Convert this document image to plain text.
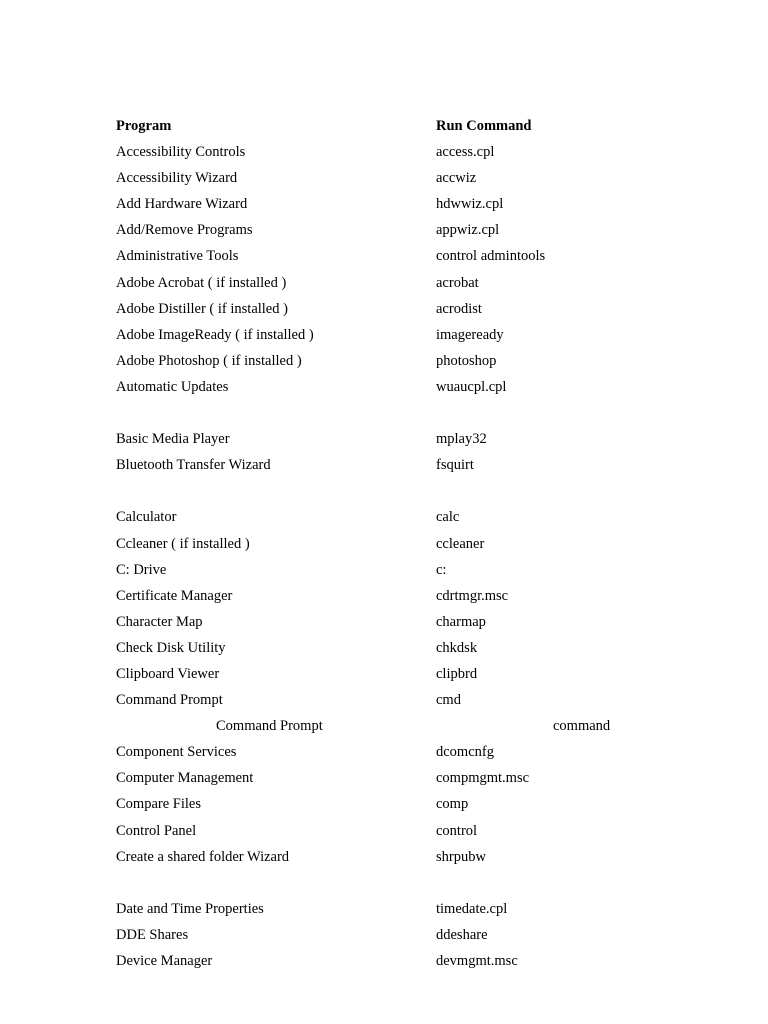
Program	Run Command
Accessibility Controls	access.cpl
Accessibility Wizard	accwiz
Add Hardware Wizard	hdwwiz.cpl
Add/Remove Programs	appwiz.cpl
Administrative Tools	control admintools
Adobe Acrobat ( if installed )	acrobat
Adobe Distiller ( if installed )	acrodist
Adobe ImageReady ( if installed )	imageready
Adobe Photoshop ( if installed )	photoshop
Automatic Updates	wuaucpl.cpl
Basic Media Player	mplay32
Bluetooth Transfer Wizard	fsquirt
Calculator	calc
Ccleaner ( if installed )	ccleaner
C: Drive	c:
Certificate Manager	cdrtmgr.msc
Character Map	charmap
Check Disk Utility	chkdsk
Clipboard Viewer	clipbrd
Command Prompt	cmd
Command Prompt	command
Component Services	dcomcnfg
Computer Management	compmgmt.msc
Compare Files	comp
Control Panel	control
Create a shared folder Wizard	shrpubw
Date and Time Properties	timedate.cpl
DDE Shares	ddeshare
Device Manager	devmgmt.msc
